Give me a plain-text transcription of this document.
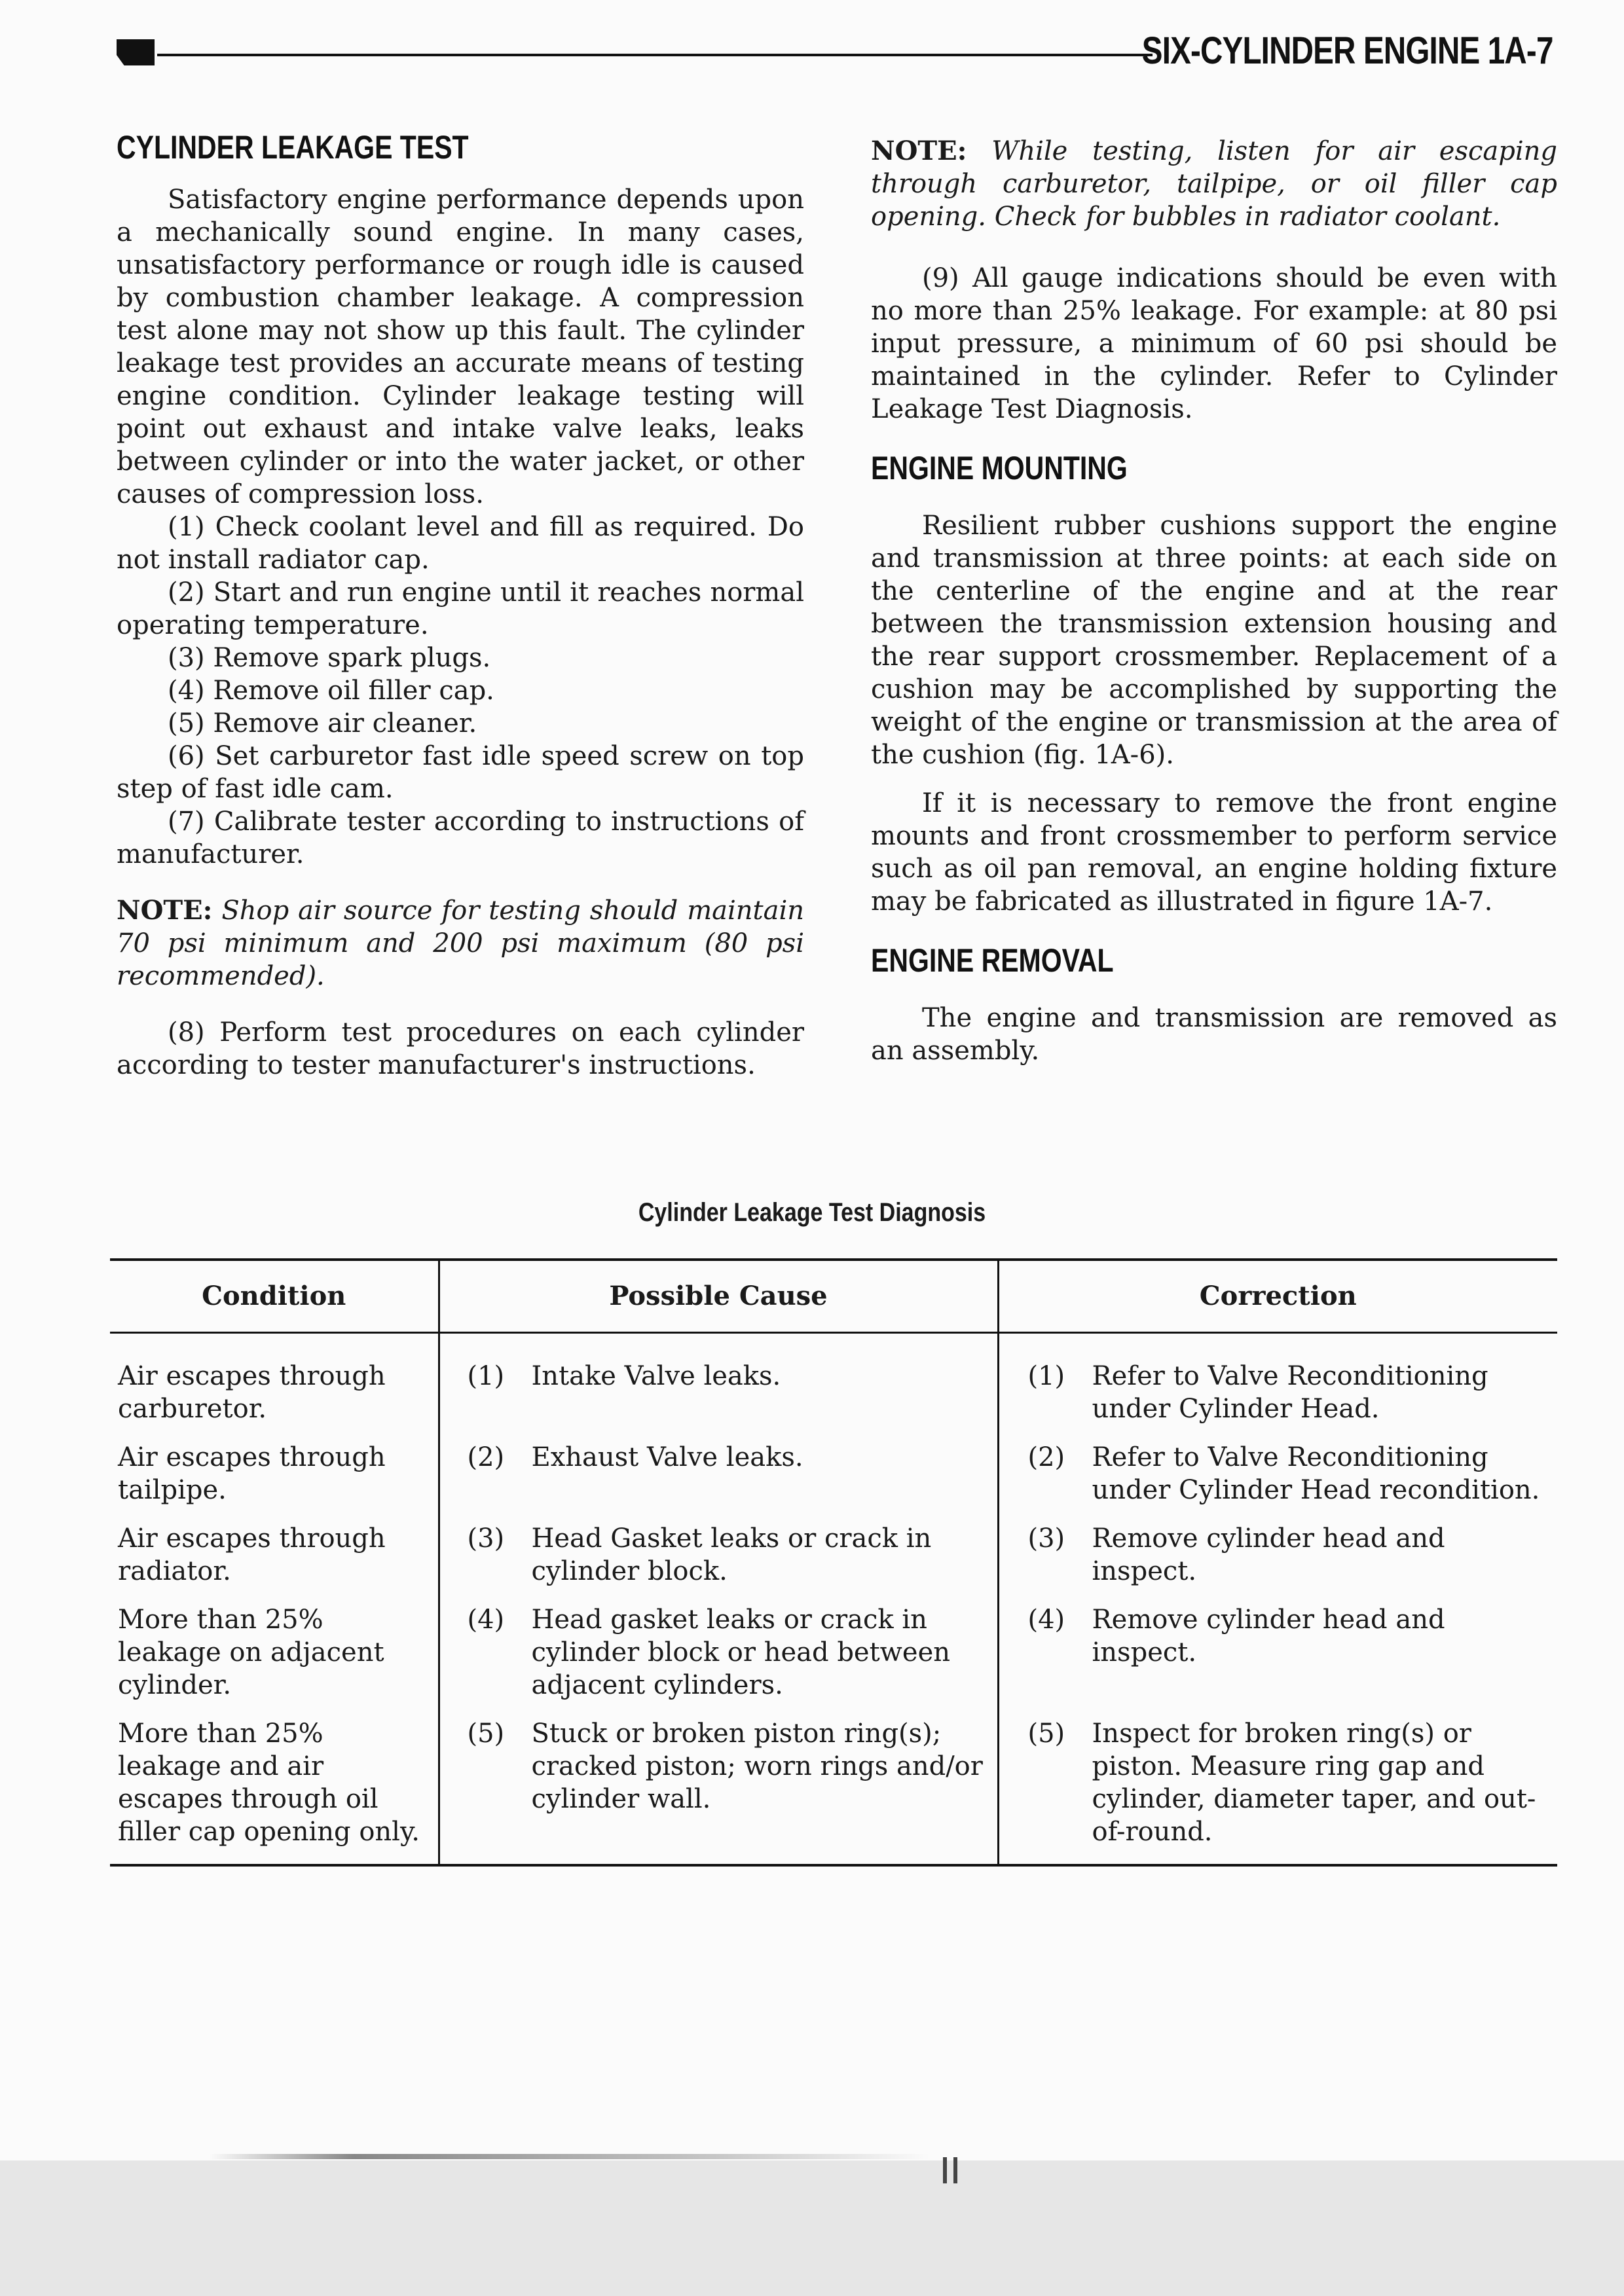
SIX-CYLINDER ENGINE 1A-7
CYLINDER LEAKAGE TEST

Satisfactory engine performance depends upon a mechanically sound engine. In many cases, unsatisfactory performance or rough idle is caused by combustion chamber leakage. A compression test alone may not show up this fault. The cylinder leakage test provides an accurate means of testing engine condition. Cylinder leakage testing will point out exhaust and intake valve leaks, leaks between cylinder or into the water jacket, or other causes of compression loss.

(1) Check coolant level and fill as required. Do not install radiator cap.

(2) Start and run engine until it reaches normal operating temperature.

(3) Remove spark plugs.

(4) Remove oil filler cap.

(5) Remove air cleaner.

(6) Set carburetor fast idle speed screw on top step of fast idle cam.

(7) Calibrate tester according to instructions of manufacturer.

NOTE: Shop air source for testing should maintain 70 psi minimum and 200 psi maximum (80 psi recommended).

(8) Perform test procedures on each cylinder according to tester manufacturer's instructions.

NOTE: While testing, listen for air escaping through carburetor, tailpipe, or oil filler cap opening. Check for bubbles in radiator coolant.

(9) All gauge indications should be even with no more than 25% leakage. For example: at 80 psi input pressure, a minimum of 60 psi should be maintained in the cylinder. Refer to Cylinder Leakage Test Diagnosis.

ENGINE MOUNTING

Resilient rubber cushions support the engine and transmission at three points: at each side on the centerline of the engine and at the rear between the transmission extension housing and the rear support crossmember. Replacement of a cushion may be accomplished by supporting the weight of the engine or transmission at the area of the cushion (fig. 1A-6).

If it is necessary to remove the front engine mounts and front crossmember to perform service such as oil pan removal, an engine holding fixture may be fabricated as illustrated in figure 1A-7.

ENGINE REMOVAL

The engine and transmission are removed as an assembly.

Cylinder Leakage Test Diagnosis
Condition	Possible Cause	Correction
Air escapes through carburetor.	(1) Intake Valve leaks.	(1) Refer to Valve Reconditioning under Cylinder Head.
Air escapes through tailpipe.	(2) Exhaust Valve leaks.	(2) Refer to Valve Reconditioning under Cylinder Head recondition.
Air escapes through radiator.	(3) Head Gasket leaks or crack in cylinder block.	(3) Remove cylinder head and inspect.
More than 25% leakage on adjacent cylinder.	(4) Head gasket leaks or crack in cylinder block or head between adjacent cylinders.	(4) Remove cylinder head and inspect.
More than 25% leakage and air escapes through oil filler cap opening only.	(5) Stuck or broken piston ring(s); cracked piston; worn rings and/or cylinder wall.	(5) Inspect for broken ring(s) or piston. Measure ring gap and cylinder, diameter taper, and out-of-round.
